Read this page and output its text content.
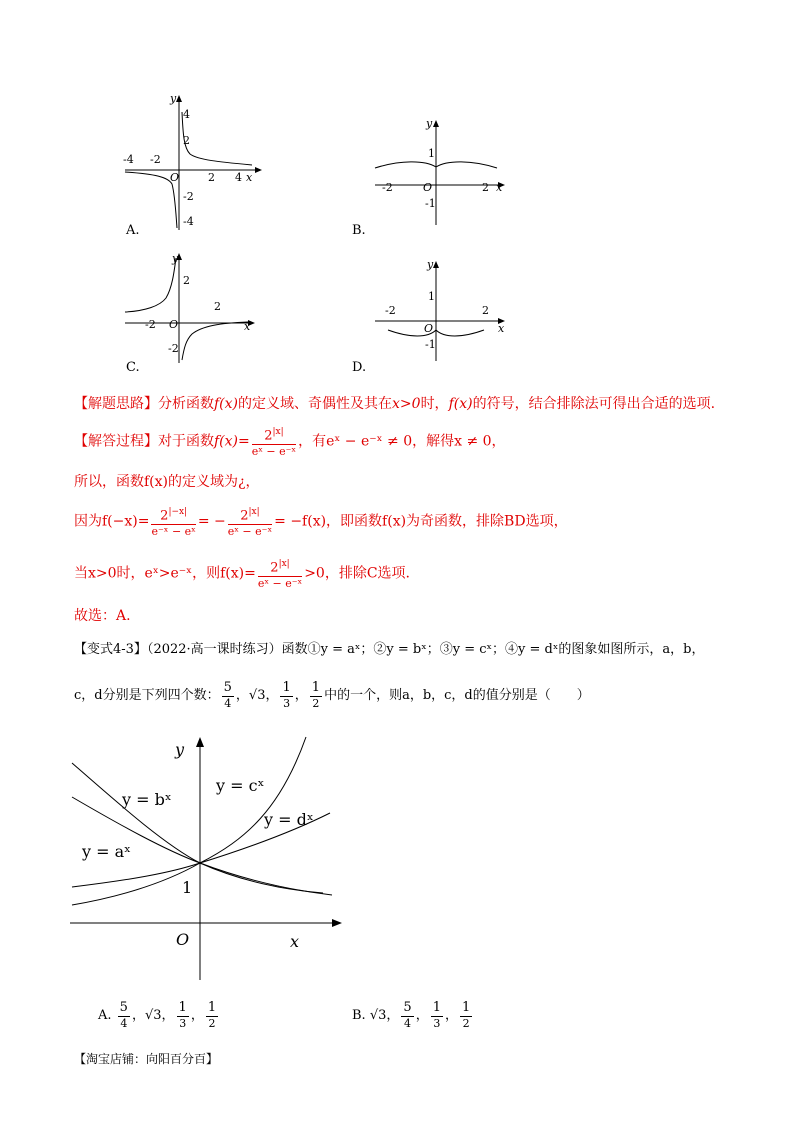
y
4
2
-2
-4
-4 -2
2 4
O	x
A.
y
1
-1
-2	2
O	x
B.
y
2
-2
-2
2
O	x
C.
y
1
-1
-2	2
O	x
D.
【解题思路】分析函数f(x)的定义域、奇偶性及其在x>0时，f(x)的符号，结合排除法可得出合适的选项.
【解答过程】对于函数$f(x)= \frac{2^{|x|}}{\text{eˣ − e⁻ˣ}}$ ，有eˣ − e⁻ˣ ≠ 0，解得x ≠ 0，
所以，函数f(x)的定义域为¿，
因为$f(-x)= \frac{2^{|-x|}}{\text{e⁻ˣ − eˣ}}$ = − $\frac{2^{|x|}}{\text{eˣ − e⁻ˣ}} = -f(x)$，即函数f(x)为奇函数，排除BD选项，
当x>0时，eˣ>e⁻ˣ，则$f(x)= \frac{2^{|x|}}{\text{eˣ − e⁻ˣ}} >0$，排除C选项.
故选：A.
【变式4-3】（2022·高一课时练习）函数①y = aˣ；②y = bˣ；③y = cˣ；④y = dˣ的图象如图所示，a，b，
c，d分别是下列四个数： $\frac{5}{4}$ ，√3， $\frac{1}{3}$ ， $\frac{1}{2}$ 中的一个，则a，b，c，d的值分别是（　　）
y
y = bˣ
y = cˣ
y = dˣ
y = aˣ
1
O	x
A. $\frac{5}{4}$ ，√3， $\frac{1}{3}$ ， $\frac{1}{2}$	B. √3， $\frac{5}{4}$ ， $\frac{1}{3}$ ， $\frac{1}{2}$
【淘宝店铺：向阳百分百】
